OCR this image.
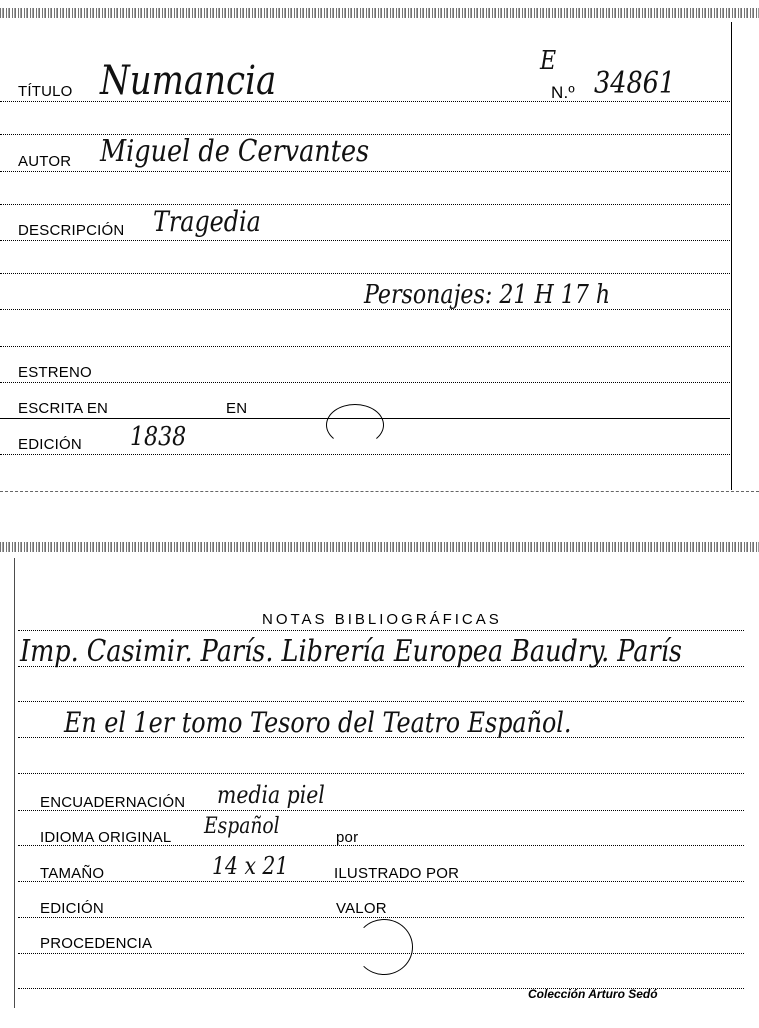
TÍTULO Numancia	E
N.º 34861
AUTOR Miguel de Cervantes
DESCRIPCIÓN Tragedia
Personajes: 21 H 17 h
ESTRENO
ESCRITA EN	EN
EDICIÓN 1838
NOTAS BIBLIOGRÁFICAS
Imp. Casimir. París. Librería Europea Baudry. París
En el 1er tomo Tesoro del Teatro Español.
ENCUADERNACIÓN media piel
IDIOMA ORIGINAL Español	por
TAMAÑO	14 x 21	ILUSTRADO POR
EDICIÓN	VALOR
PROCEDENCIA
Colección Arturo Sedó
